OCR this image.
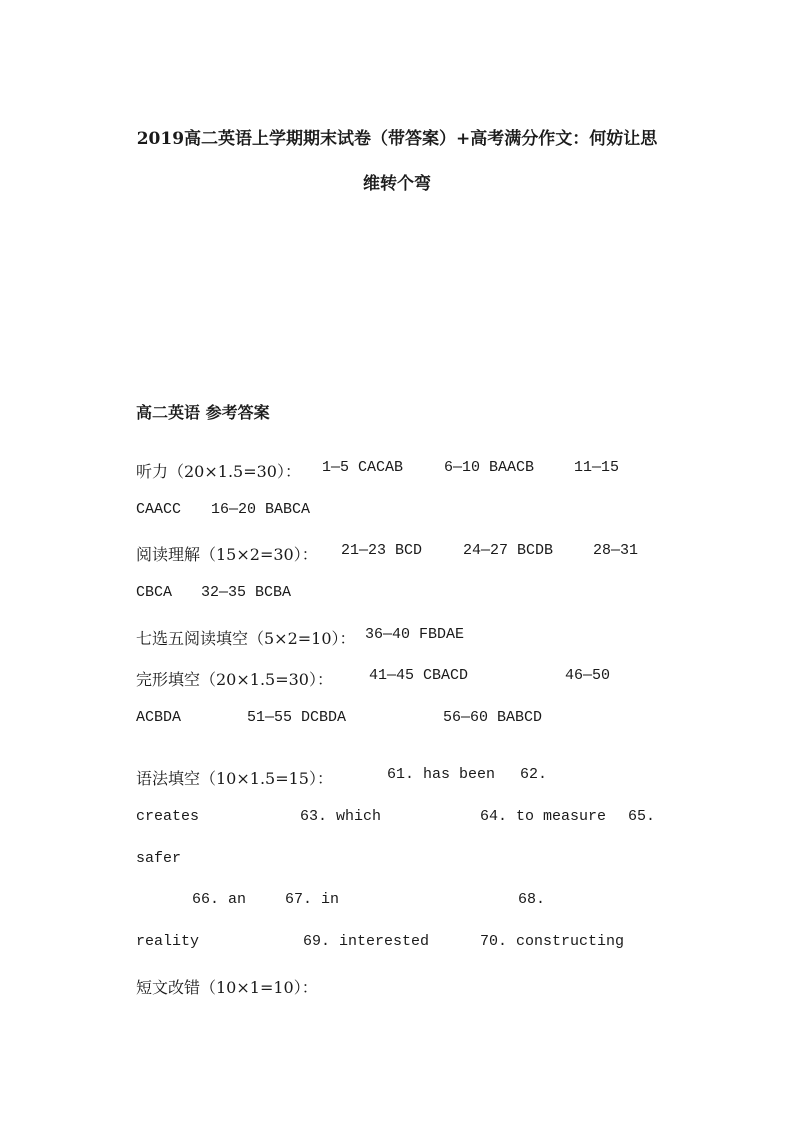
2019高二英语上学期期末试卷（带答案）+高考满分作文：何妨让思
维转个弯
高二英语 参考答案
听力（20×1.5=30）： 1—5 CACAB	6—10 BAACB	11—15
CAACC 16—20 BABCA
阅读理解（15×2=30）： 21—23 BCD	24—27 BCDB	28—31
CBCA 32—35 BCBA
七选五阅读填空（5×2=10）： 36—40 FBDAE
完形填空（20×1.5=30）： 41—45 CBACD	46—50
ACBDA	51—55 DCBDA	56—60 BABCD
语法填空（10×1.5=15）：	61. has been 62.
creates	63. which	64. to measure 65.
safer
66. an	67. in	68.
reality	69. interested	70. constructing
短文改错（10×1=10）：
